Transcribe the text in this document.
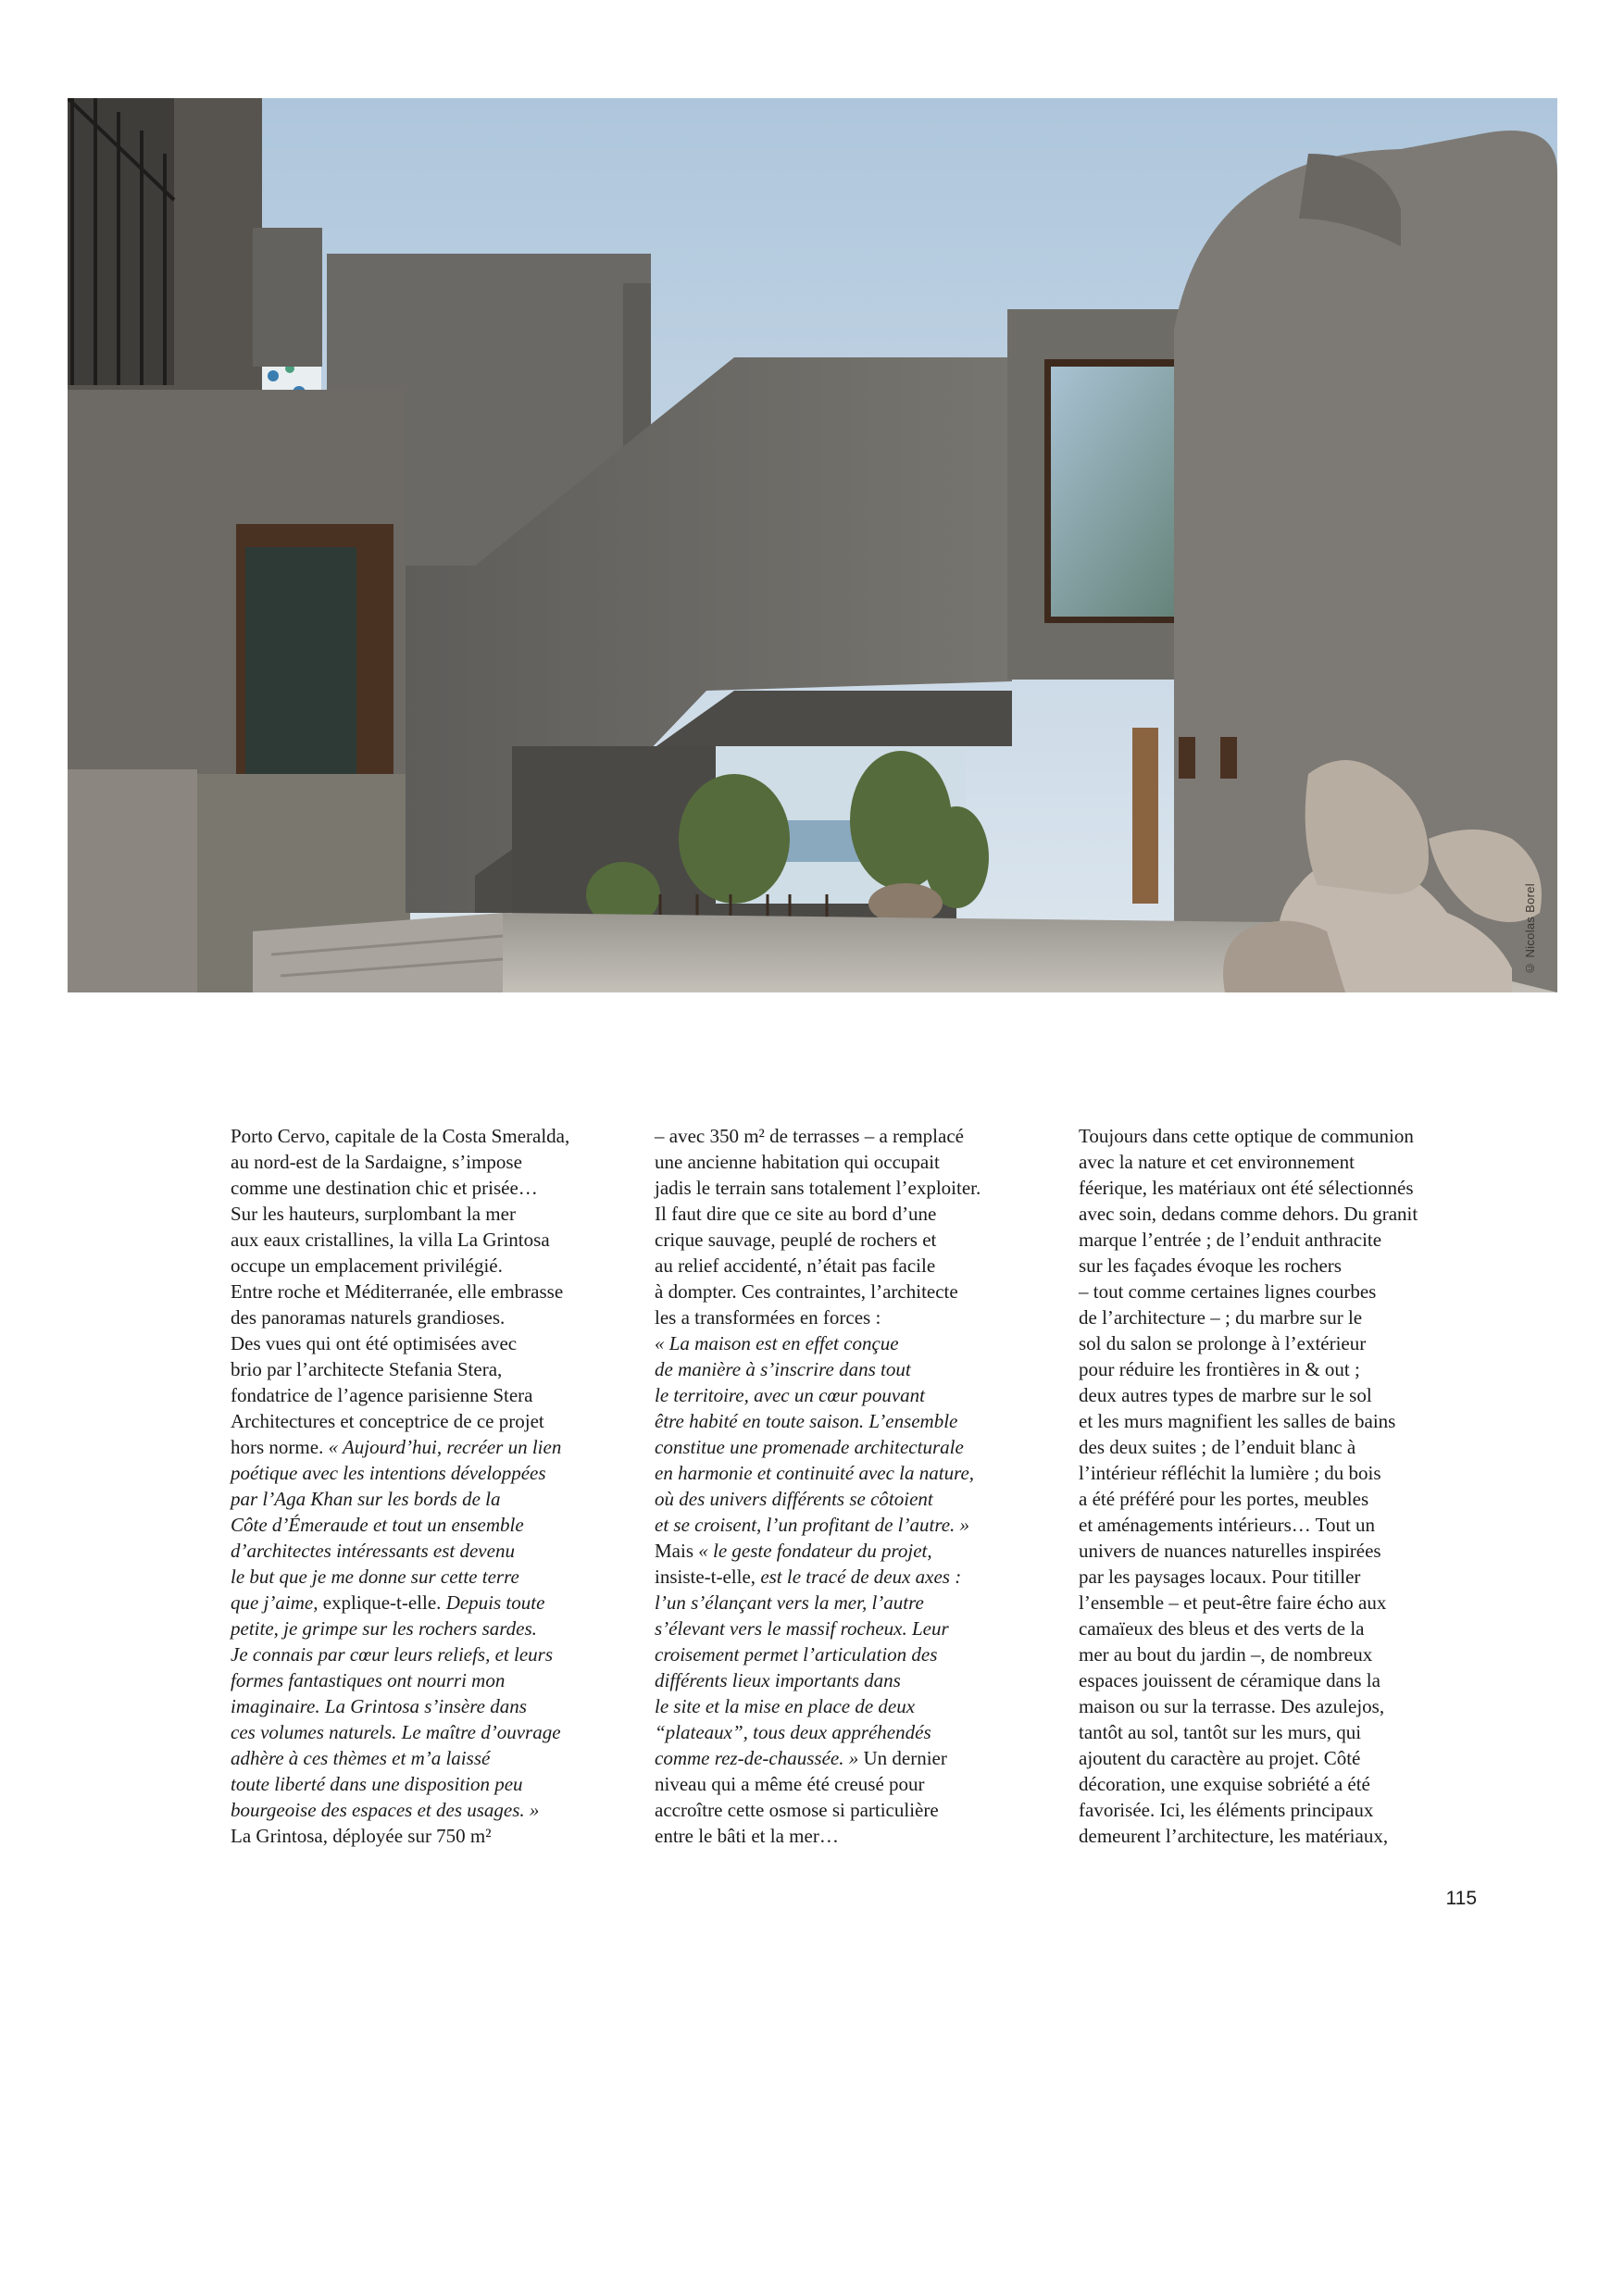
© Nicolas Borel
Porto Cervo, capitale de la Costa Smeralda,
au nord-est de la Sardaigne, s’impose
comme une destination chic et prisée…
Sur les hauteurs, surplombant la mer
aux eaux cristallines, la villa La Grintosa
occupe un emplacement privilégié.
Entre roche et Méditerranée, elle embrasse
des panoramas naturels grandioses.
Des vues qui ont été optimisées avec
brio par l’architecte Stefania Stera,
fondatrice de l’agence parisienne Stera
Architectures et conceptrice de ce projet
hors norme. « Aujourd’hui, recréer un lien
poétique avec les intentions développées
par l’Aga Khan sur les bords de la
Côte d’Émeraude et tout un ensemble
d’architectes intéressants est devenu
le but que je me donne sur cette terre
que j’aime, explique-t-elle. Depuis toute
petite, je grimpe sur les rochers sardes.
Je connais par cœur leurs reliefs, et leurs
formes fantastiques ont nourri mon
imaginaire. La Grintosa s’insère dans
ces volumes naturels. Le maître d’ouvrage
adhère à ces thèmes et m’a laissé
toute liberté dans une disposition peu
bourgeoise des espaces et des usages. »
La Grintosa, déployée sur 750 m²
– avec 350 m² de terrasses – a remplacé
une ancienne habitation qui occupait
jadis le terrain sans totalement l’exploiter.
Il faut dire que ce site au bord d’une
crique sauvage, peuplé de rochers et
au relief accidenté, n’était pas facile
à dompter. Ces contraintes, l’architecte
les a transformées en forces :
« La maison est en effet conçue
de manière à s’inscrire dans tout
le territoire, avec un cœur pouvant
être habité en toute saison. L’ensemble
constitue une promenade architecturale
en harmonie et continuité avec la nature,
où des univers différents se côtoient
et se croisent, l’un profitant de l’autre. »
Mais « le geste fondateur du projet,
insiste-t-elle, est le tracé de deux axes :
l’un s’élançant vers la mer, l’autre
s’élevant vers le massif rocheux. Leur
croisement permet l’articulation des
différents lieux importants dans
le site et la mise en place de deux
“plateaux”, tous deux appréhendés
comme rez-de-chaussée. » Un dernier
niveau qui a même été creusé pour
accroître cette osmose si particulière
entre le bâti et la mer…
Toujours dans cette optique de communion
avec la nature et cet environnement
féerique, les matériaux ont été sélectionnés
avec soin, dedans comme dehors. Du granit
marque l’entrée ; de l’enduit anthracite
sur les façades évoque les rochers
– tout comme certaines lignes courbes
de l’architecture – ; du marbre sur le
sol du salon se prolonge à l’extérieur
pour réduire les frontières in & out ;
deux autres types de marbre sur le sol
et les murs magnifient les salles de bains
des deux suites ; de l’enduit blanc à
l’intérieur réfléchit la lumière ; du bois
a été préféré pour les portes, meubles
et aménagements intérieurs… Tout un
univers de nuances naturelles inspirées
par les paysages locaux. Pour titiller
l’ensemble – et peut-être faire écho aux
camaïeux des bleus et des verts de la
mer au bout du jardin –, de nombreux
espaces jouissent de céramique dans la
maison ou sur la terrasse. Des azulejos,
tantôt au sol, tantôt sur les murs, qui
ajoutent du caractère au projet. Côté
décoration, une exquise sobriété a été
favorisée. Ici, les éléments principaux
demeurent l’architecture, les matériaux,
115
